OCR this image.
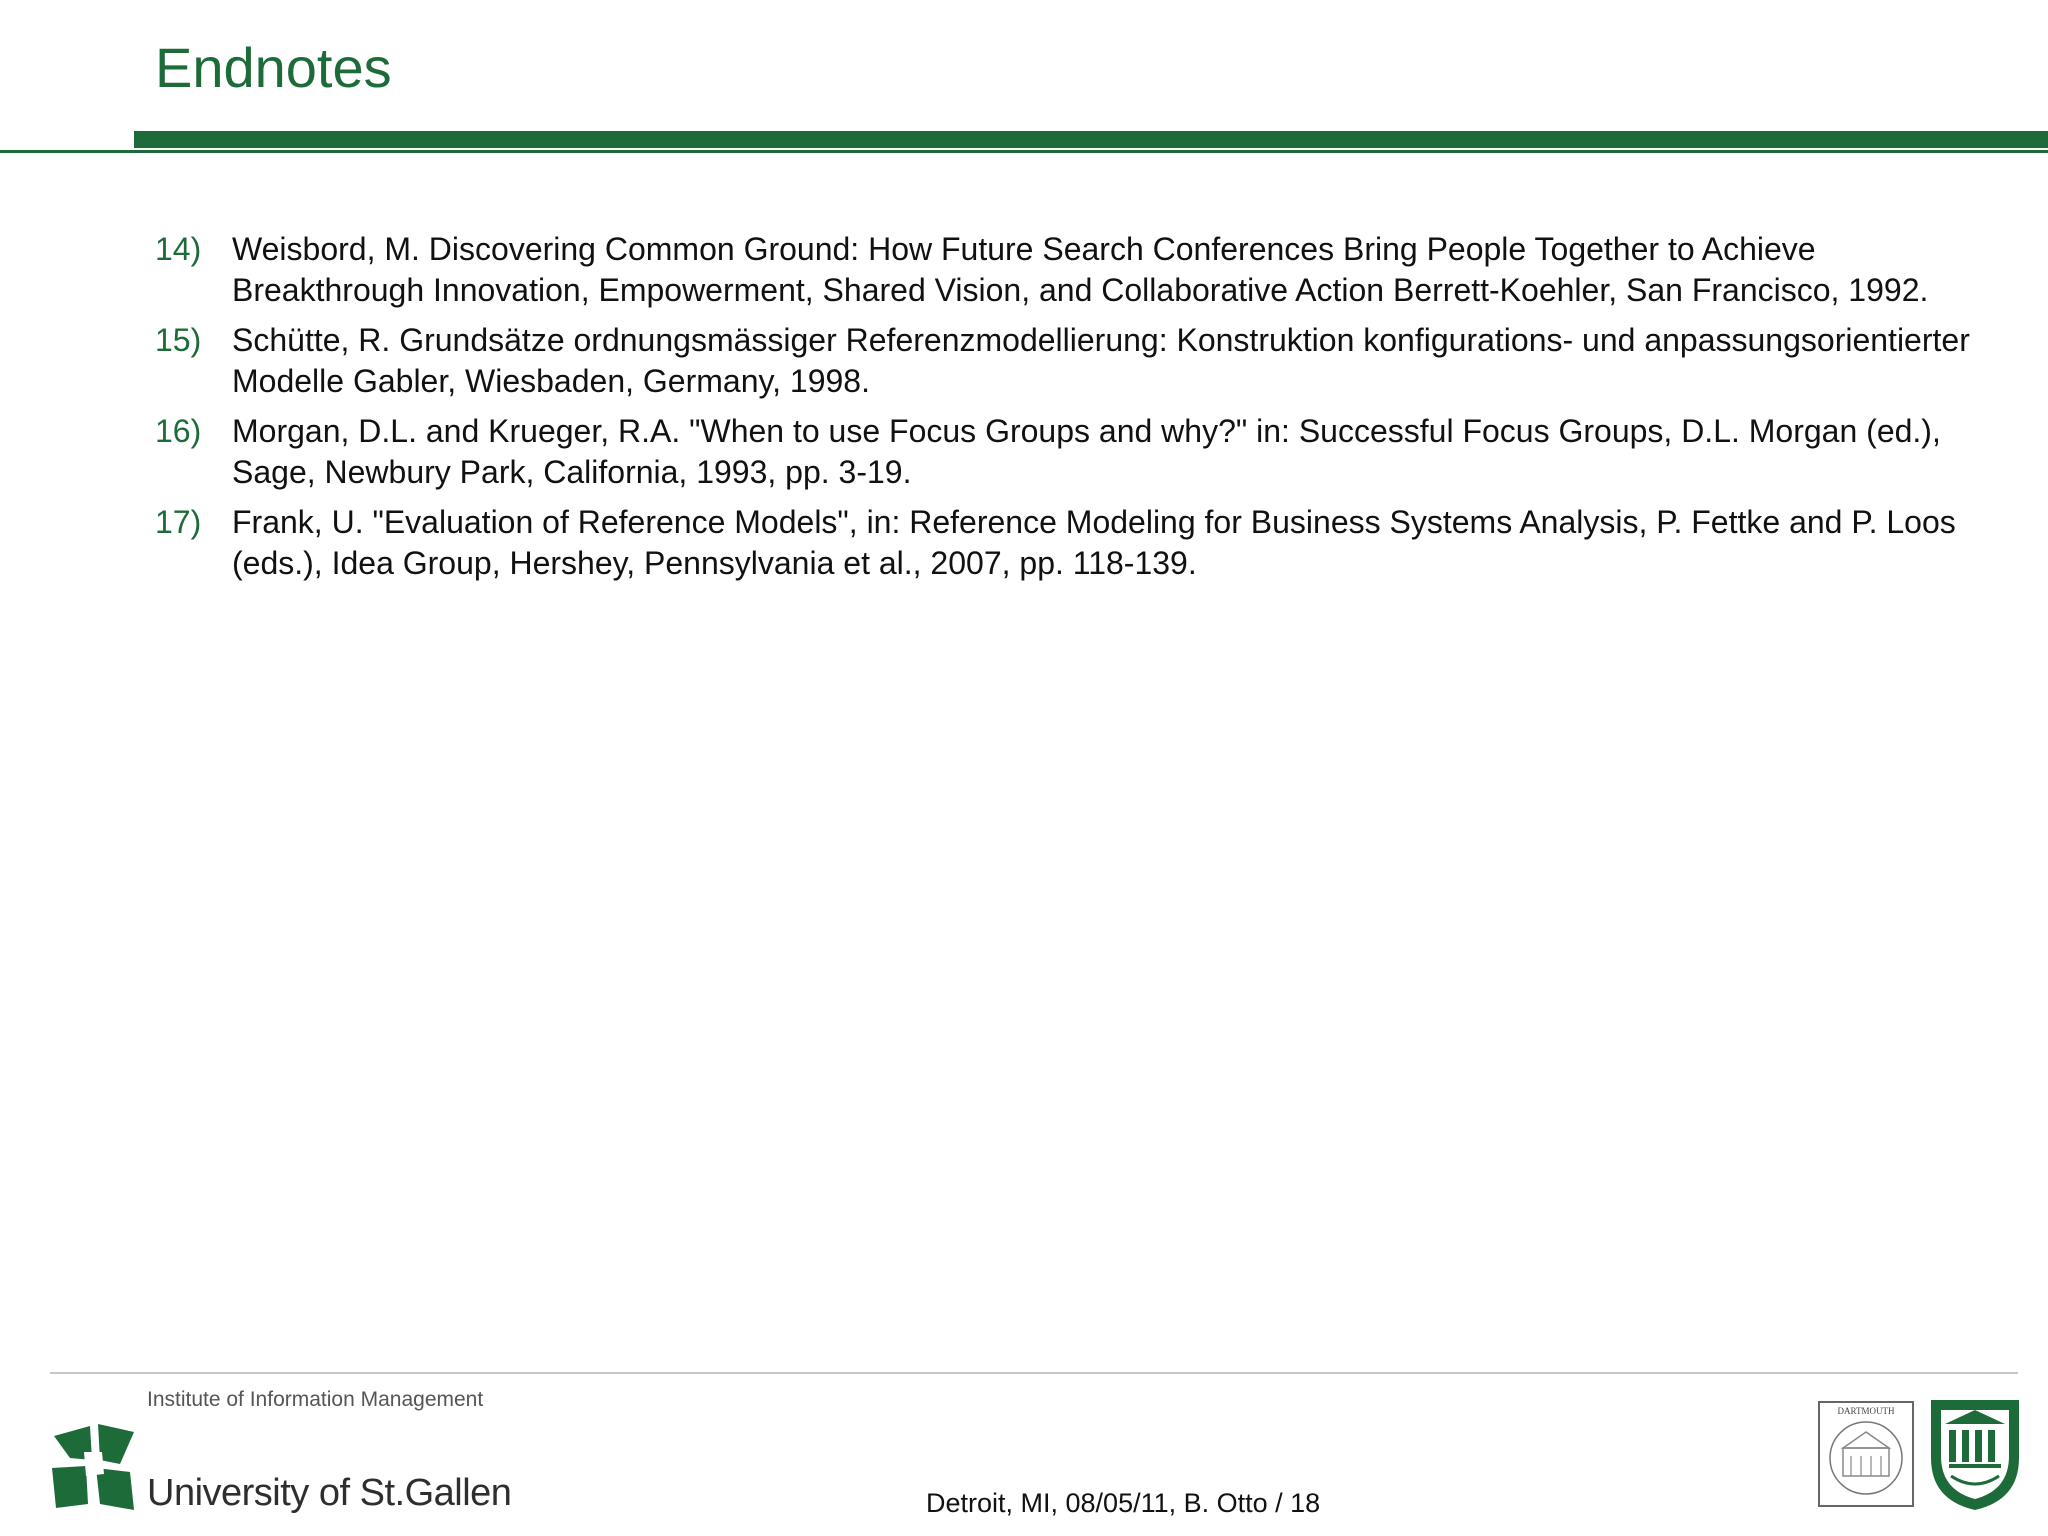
Endnotes
14) Weisbord, M. Discovering Common Ground: How Future Search Conferences Bring People Together to Achieve Breakthrough Innovation, Empowerment, Shared Vision, and Collaborative Action Berrett-Koehler, San Francisco, 1992.
15) Schütte, R. Grundsätze ordnungsmässiger Referenzmodellierung: Konstruktion konfigurations- und anpassungsorientierter Modelle Gabler, Wiesbaden, Germany, 1998.
16) Morgan, D.L. and Krueger, R.A. "When to use Focus Groups and why?" in: Successful Focus Groups, D.L. Morgan (ed.), Sage, Newbury Park, California, 1993, pp. 3-19.
17) Frank, U. "Evaluation of Reference Models", in: Reference Modeling for Business Systems Analysis, P. Fettke and P. Loos (eds.), Idea Group, Hershey, Pennsylvania et al., 2007, pp. 118-139.
Institute of Information Management
University of St.Gallen	Detroit, MI, 08/05/11, B. Otto / 18
DARTMOUTH
